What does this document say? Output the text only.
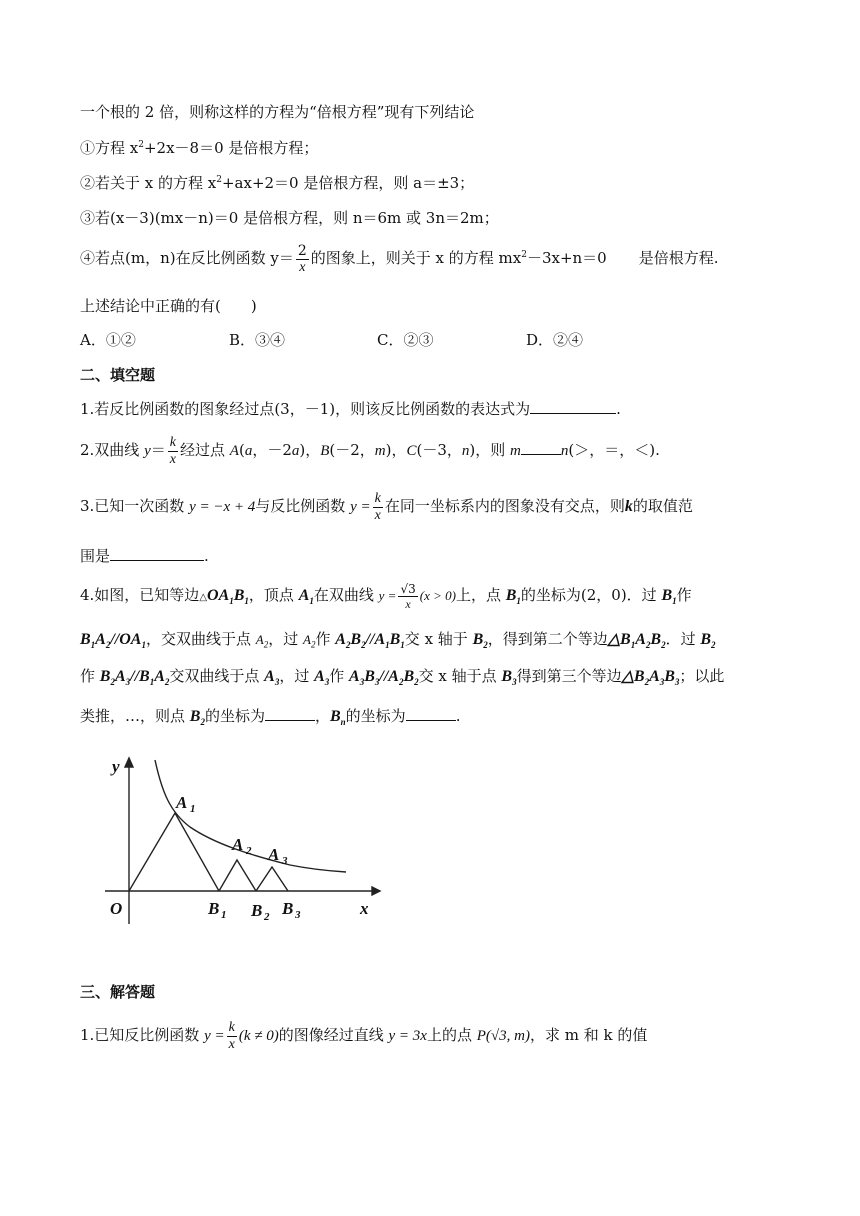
一个根的 2 倍，则称这样的方程为“倍根方程”现有下列结论
①方程 $x^2+2x-8=0$ 是倍根方程；
②若关于 x 的方程 $x^2+ax+2=0$ 是倍根方程，则 a＝±3；
③若(x－3)(mx－n)＝0 是倍根方程，则 n＝6m 或 3n＝2m；
④若点(m，n)在反比例函数 $y= \frac{2}{x}$ 的图象上，则关于 x 的方程 $mx^2-3x+n=0$ 是倍根方程.
上述结论中正确的有(　　)
A．①②	B．③④	C．②③	D．②④
二、填空题
1.若反比例函数的图象经过点(3，－1)，则该反比例函数的表达式为	.
2.双曲线 $y= \frac{k}{x}$ 经过点 A(a，－2a)，B(－2，m)，C(－3，n)，则 m	n(＞，＝，＜).
3.已知一次函数 y = −x + 4与反比例函数 $y = \frac{k}{x}$ 在同一坐标系内的图象没有交点，则k的取值范
围是	.
4.如图，已知等边$\triangle OA_1B_1$，顶点 $A_1$在双曲线 $y = \frac{√3}{x} (x > 0)$上，点 $B_1$的坐标为(2，0)．过 $B_1$作
$B_1A_2//OA_1$，交双曲线于点 $A_2$，过 $A_2$作 $A_2B_2//A_1B_1$交 x 轴于 $B_2$，得到第二个等边$\triangle B_1A_2B_2$．过 $B_2$
作 $B_2A_3//B_1A_2$交双曲线于点 $A_3$，过 $A_3$作 $A_3B_3//A_2B_2$交 x 轴于点 $B_3$得到第三个等边$\triangle B_2A_3B_3$；以此
类推，…，则点 $B_2$的坐标为	，$B_n$的坐标为	.
y
x
O
A 1
A 2 A 3
B 1 B 2 B 3
三、解答题
1.已知反比例函数 $y = \frac{k}{x} (k \ne 0)$的图像经过直线 y = 3x上的点 P(√3, m)，求 m 和 k 的值
